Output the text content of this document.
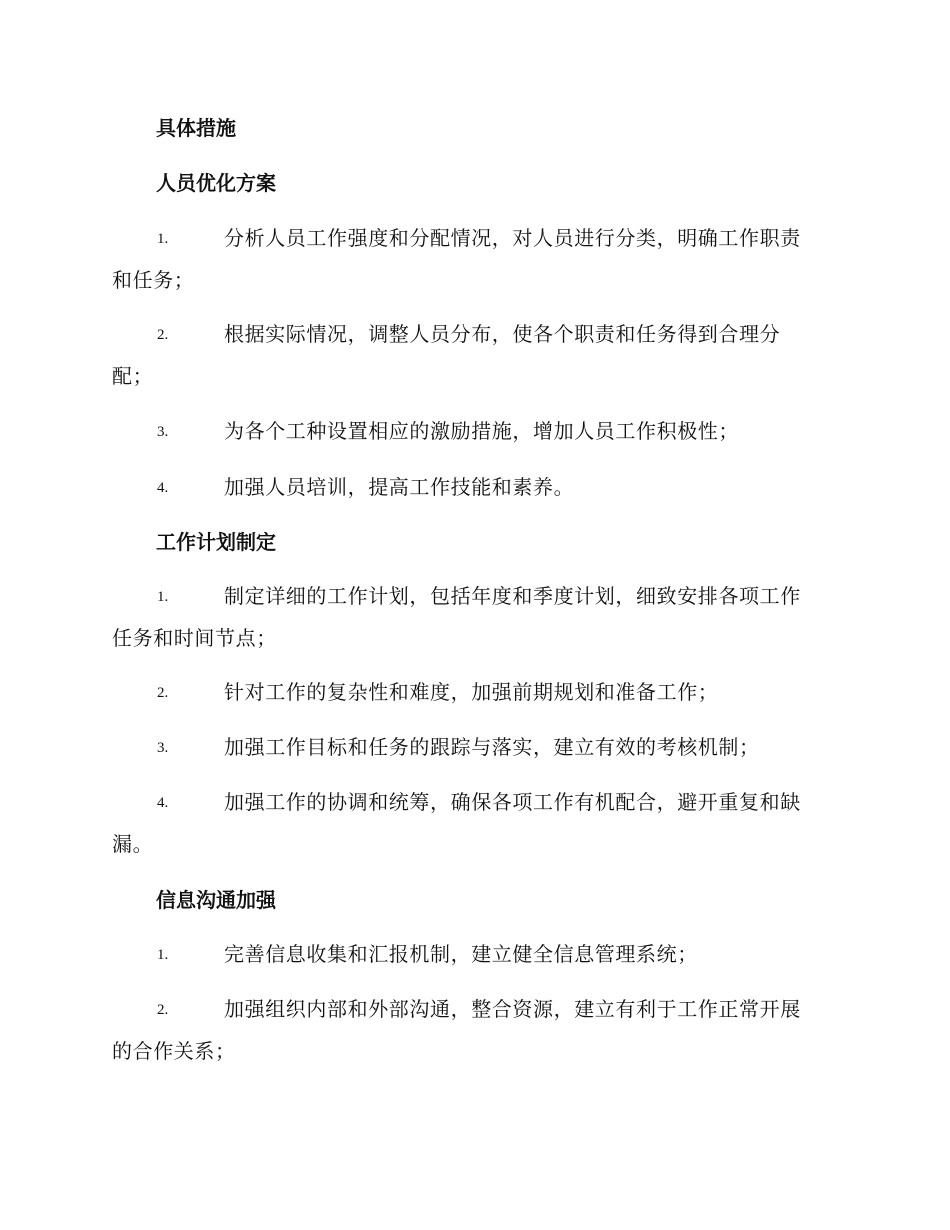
具体措施
人员优化方案
1.	分析人员工作强度和分配情况，对人员进行分类，明确工作职责
和任务；
2.	根据实际情况，调整人员分布，使各个职责和任务得到合理分
配；
3.	为各个工种设置相应的激励措施，增加人员工作积极性；
4.	加强人员培训，提高工作技能和素养。
工作计划制定
1.	制定详细的工作计划，包括年度和季度计划，细致安排各项工作
任务和时间节点；
2.	针对工作的复杂性和难度，加强前期规划和准备工作；
3.	加强工作目标和任务的跟踪与落实，建立有效的考核机制；
4.	加强工作的协调和统筹，确保各项工作有机配合，避开重复和缺
漏。
信息沟通加强
1.	完善信息收集和汇报机制，建立健全信息管理系统；
2.	加强组织内部和外部沟通，整合资源，建立有利于工作正常开展
的合作关系；
